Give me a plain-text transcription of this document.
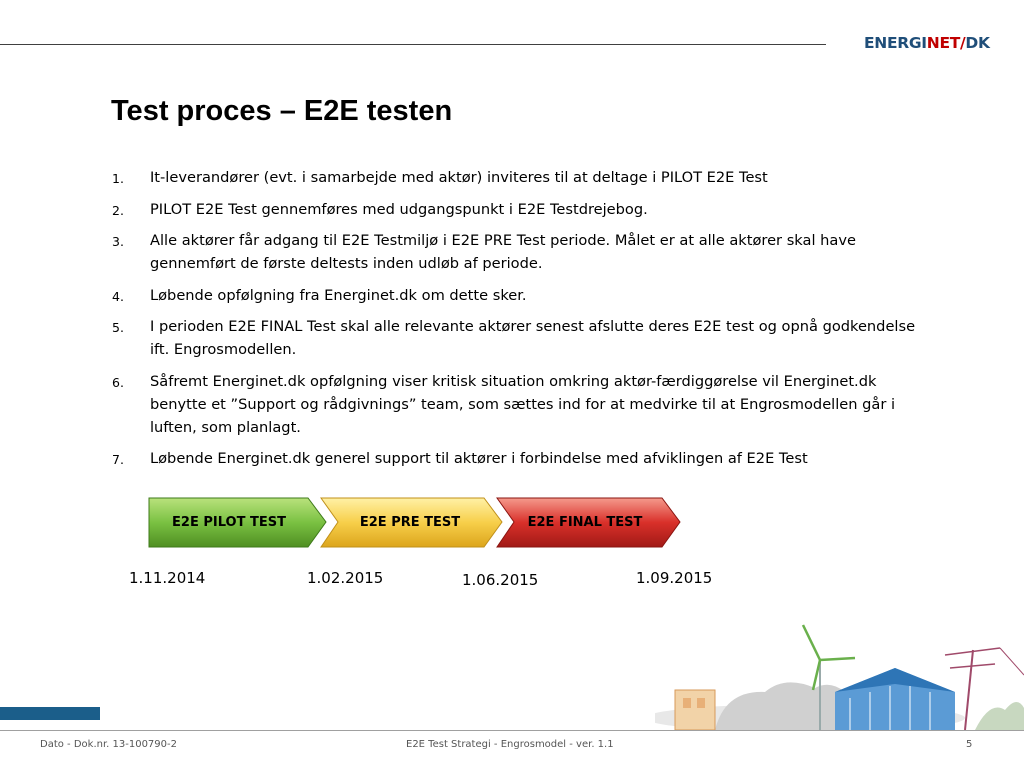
ENERGINET/DK
Test proces – E2E testen
1. It-leverandører (evt. i samarbejde med aktør) inviteres til at deltage i PILOT E2E Test
2. PILOT E2E Test gennemføres med udgangspunkt i E2E Testdrejebog.
3. Alle aktører får adgang til E2E Testmiljø i E2E PRE Test periode. Målet er at alle aktører skal have gennemført de første deltests inden udløb af periode.
4. Løbende opfølgning fra Energinet.dk om dette sker.
5. I perioden E2E FINAL Test skal alle relevante aktører senest afslutte deres E2E test og opnå godkendelse ift. Engrosmodellen.
6. Såfremt Energinet.dk opfølgning viser kritisk situation omkring aktør-færdiggørelse vil Energinet.dk benytte et ”Support og rådgivnings” team, som sættes ind for at medvirke til at Engrosmodellen går i luften, som planlagt.
7. Løbende Energinet.dk generel support til aktører i forbindelse med afviklingen af E2E Test
E2E PILOT TEST	E2E PRE TEST	E2E FINAL TEST
1.11.2014	1.02.2015	1.06.2015	1.09.2015
Dato - Dok.nr. 13-100790-2	E2E Test Strategi - Engrosmodel - ver. 1.1	5
